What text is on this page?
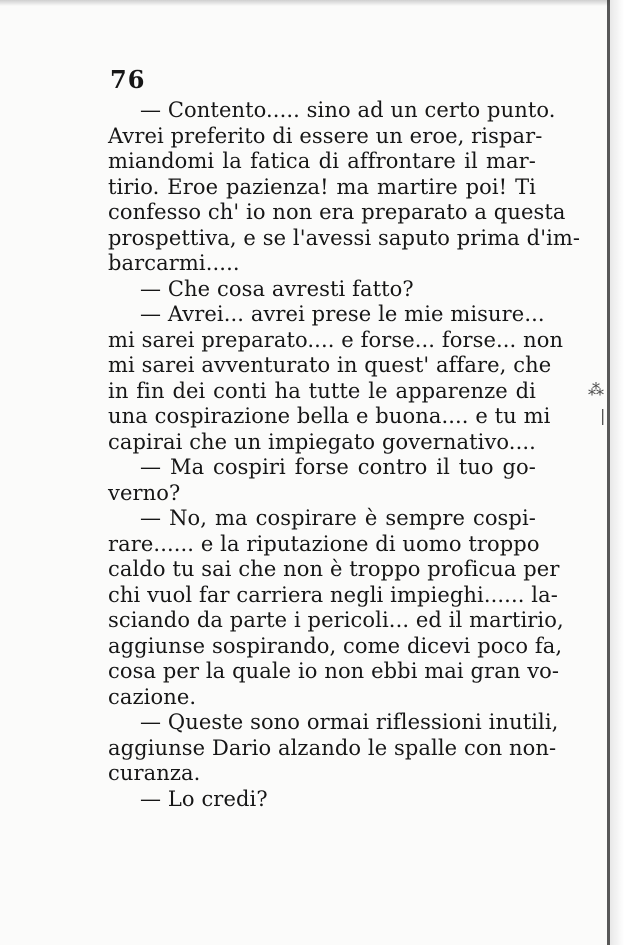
76
— Contento..... sino ad un certo punto.
Avrei preferito di essere un eroe, rispar-
miandomi la fatica di affrontare il mar-
tirio. Eroe pazienza! ma martire poi! Ti
confesso ch' io non era preparato a questa
prospettiva, e se l'avessi saputo prima d'im-
barcarmi.....
— Che cosa avresti fatto?
— Avrei... avrei prese le mie misure...
mi sarei preparato.... e forse... forse... non
mi sarei avventurato in quest' affare, che
in fin dei conti ha tutte le apparenze di
una cospirazione bella e buona.... e tu mi
capirai che un impiegato governativo....
— Ma cospiri forse contro il tuo go-
verno?
— No, ma cospirare è sempre cospi-
rare...... e la riputazione di uomo troppo
caldo tu sai che non è troppo proficua per
chi vuol far carriera negli impieghi...... la-
sciando da parte i pericoli... ed il martirio,
aggiunse sospirando, come dicevi poco fa,
cosa per la quale io non ebbi mai gran vo-
cazione.
— Queste sono ormai riflessioni inutili,
aggiunse Dario alzando le spalle con non-
curanza.
— Lo credi?
⁂
|
